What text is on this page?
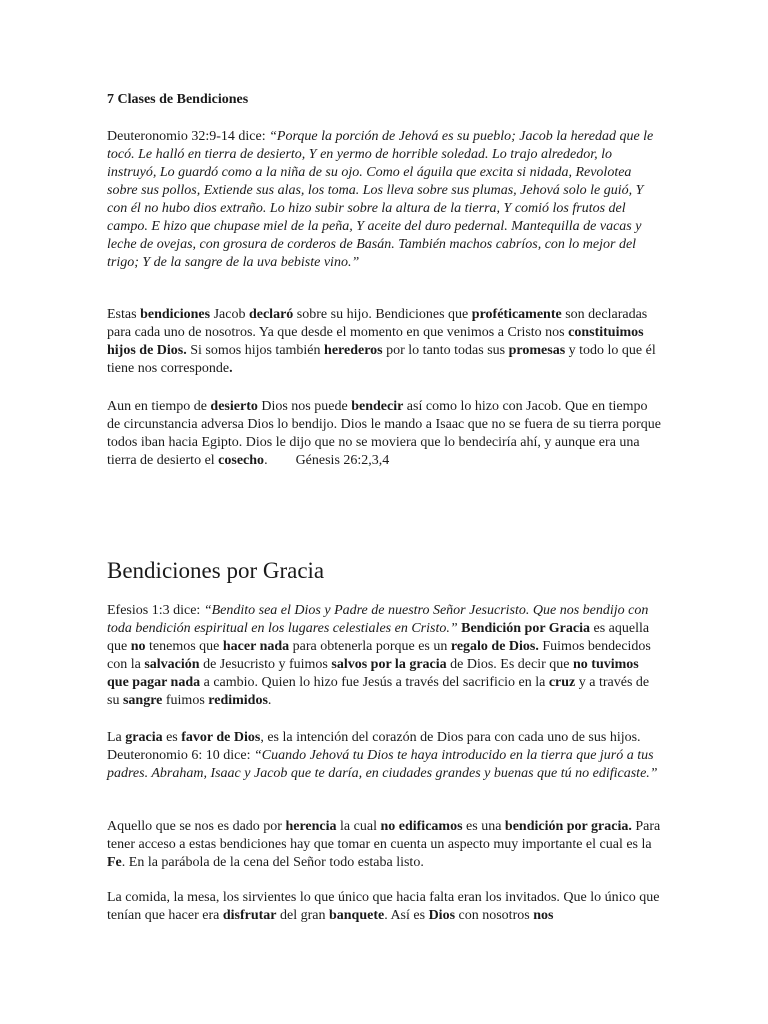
7 Clases de Bendiciones

Deuteronomio 32:9-14 dice: “Porque la porción de Jehová es su pueblo; Jacob la heredad que le tocó. Le halló en tierra de desierto, Y en yermo de horrible soledad. Lo trajo alrededor, lo instruyó, Lo guardó como a la niña de su ojo. Como el águila que excita si nidada, Revolotea sobre sus pollos, Extiende sus alas, los toma. Los lleva sobre sus plumas, Jehová solo le guió, Y con él no hubo dios extraño. Lo hizo subir sobre la altura de la tierra, Y comió los frutos del campo. E hizo que chupase miel de la peña, Y aceite del duro pedernal. Mantequilla de vacas y leche de ovejas, con grosura de corderos de Basán. También machos cabríos, con lo mejor del trigo; Y de la sangre de la uva bebiste vino.”

Estas bendiciones Jacob declaró sobre su hijo. Bendiciones que proféticamente son declaradas para cada uno de nosotros. Ya que desde el momento en que venimos a Cristo nos constituimos hijos de Dios. Si somos hijos también herederos por lo tanto todas sus promesas y todo lo que él tiene nos corresponde.

Aun en tiempo de desierto Dios nos puede bendecir así como lo hizo con Jacob. Que en tiempo de circunstancia adversa Dios lo bendijo. Dios le mando a Isaac que no se fuera de su tierra porque todos iban hacia Egipto. Dios le dijo que no se moviera que lo bendeciría ahí, y aunque era una tierra de desierto el cosecho.        Génesis 26:2,3,4

Bendiciones por Gracia

Efesios 1:3 dice: “Bendito sea el Dios y Padre de nuestro Señor Jesucristo. Que nos bendijo con toda bendición espiritual en los lugares celestiales en Cristo.” Bendición por Gracia es aquella que no tenemos que hacer nada para obtenerla porque es un regalo de Dios. Fuimos bendecidos con la salvación de Jesucristo y fuimos salvos por la gracia de Dios. Es decir que no tuvimos que pagar nada a cambio. Quien lo hizo fue Jesús a través del sacrificio en la cruz y a través de su sangre fuimos redimidos.

La gracia es favor de Dios, es la intención del corazón de Dios para con cada uno de sus hijos. Deuteronomio 6: 10 dice: “Cuando Jehová tu Dios te haya introducido en la tierra que juró a tus padres. Abraham, Isaac y Jacob que te daría, en ciudades grandes y buenas que tú no edificaste.”

Aquello que se nos es dado por herencia la cual no edificamos es una bendición por gracia. Para tener acceso a estas bendiciones hay que tomar en cuenta un aspecto muy importante el cual es la Fe. En la parábola de la cena del Señor todo estaba listo.

La comida, la mesa, los sirvientes lo que único que hacia falta eran los invitados. Que lo único que tenían que hacer era disfrutar del gran banquete. Así es Dios con nosotros nos
